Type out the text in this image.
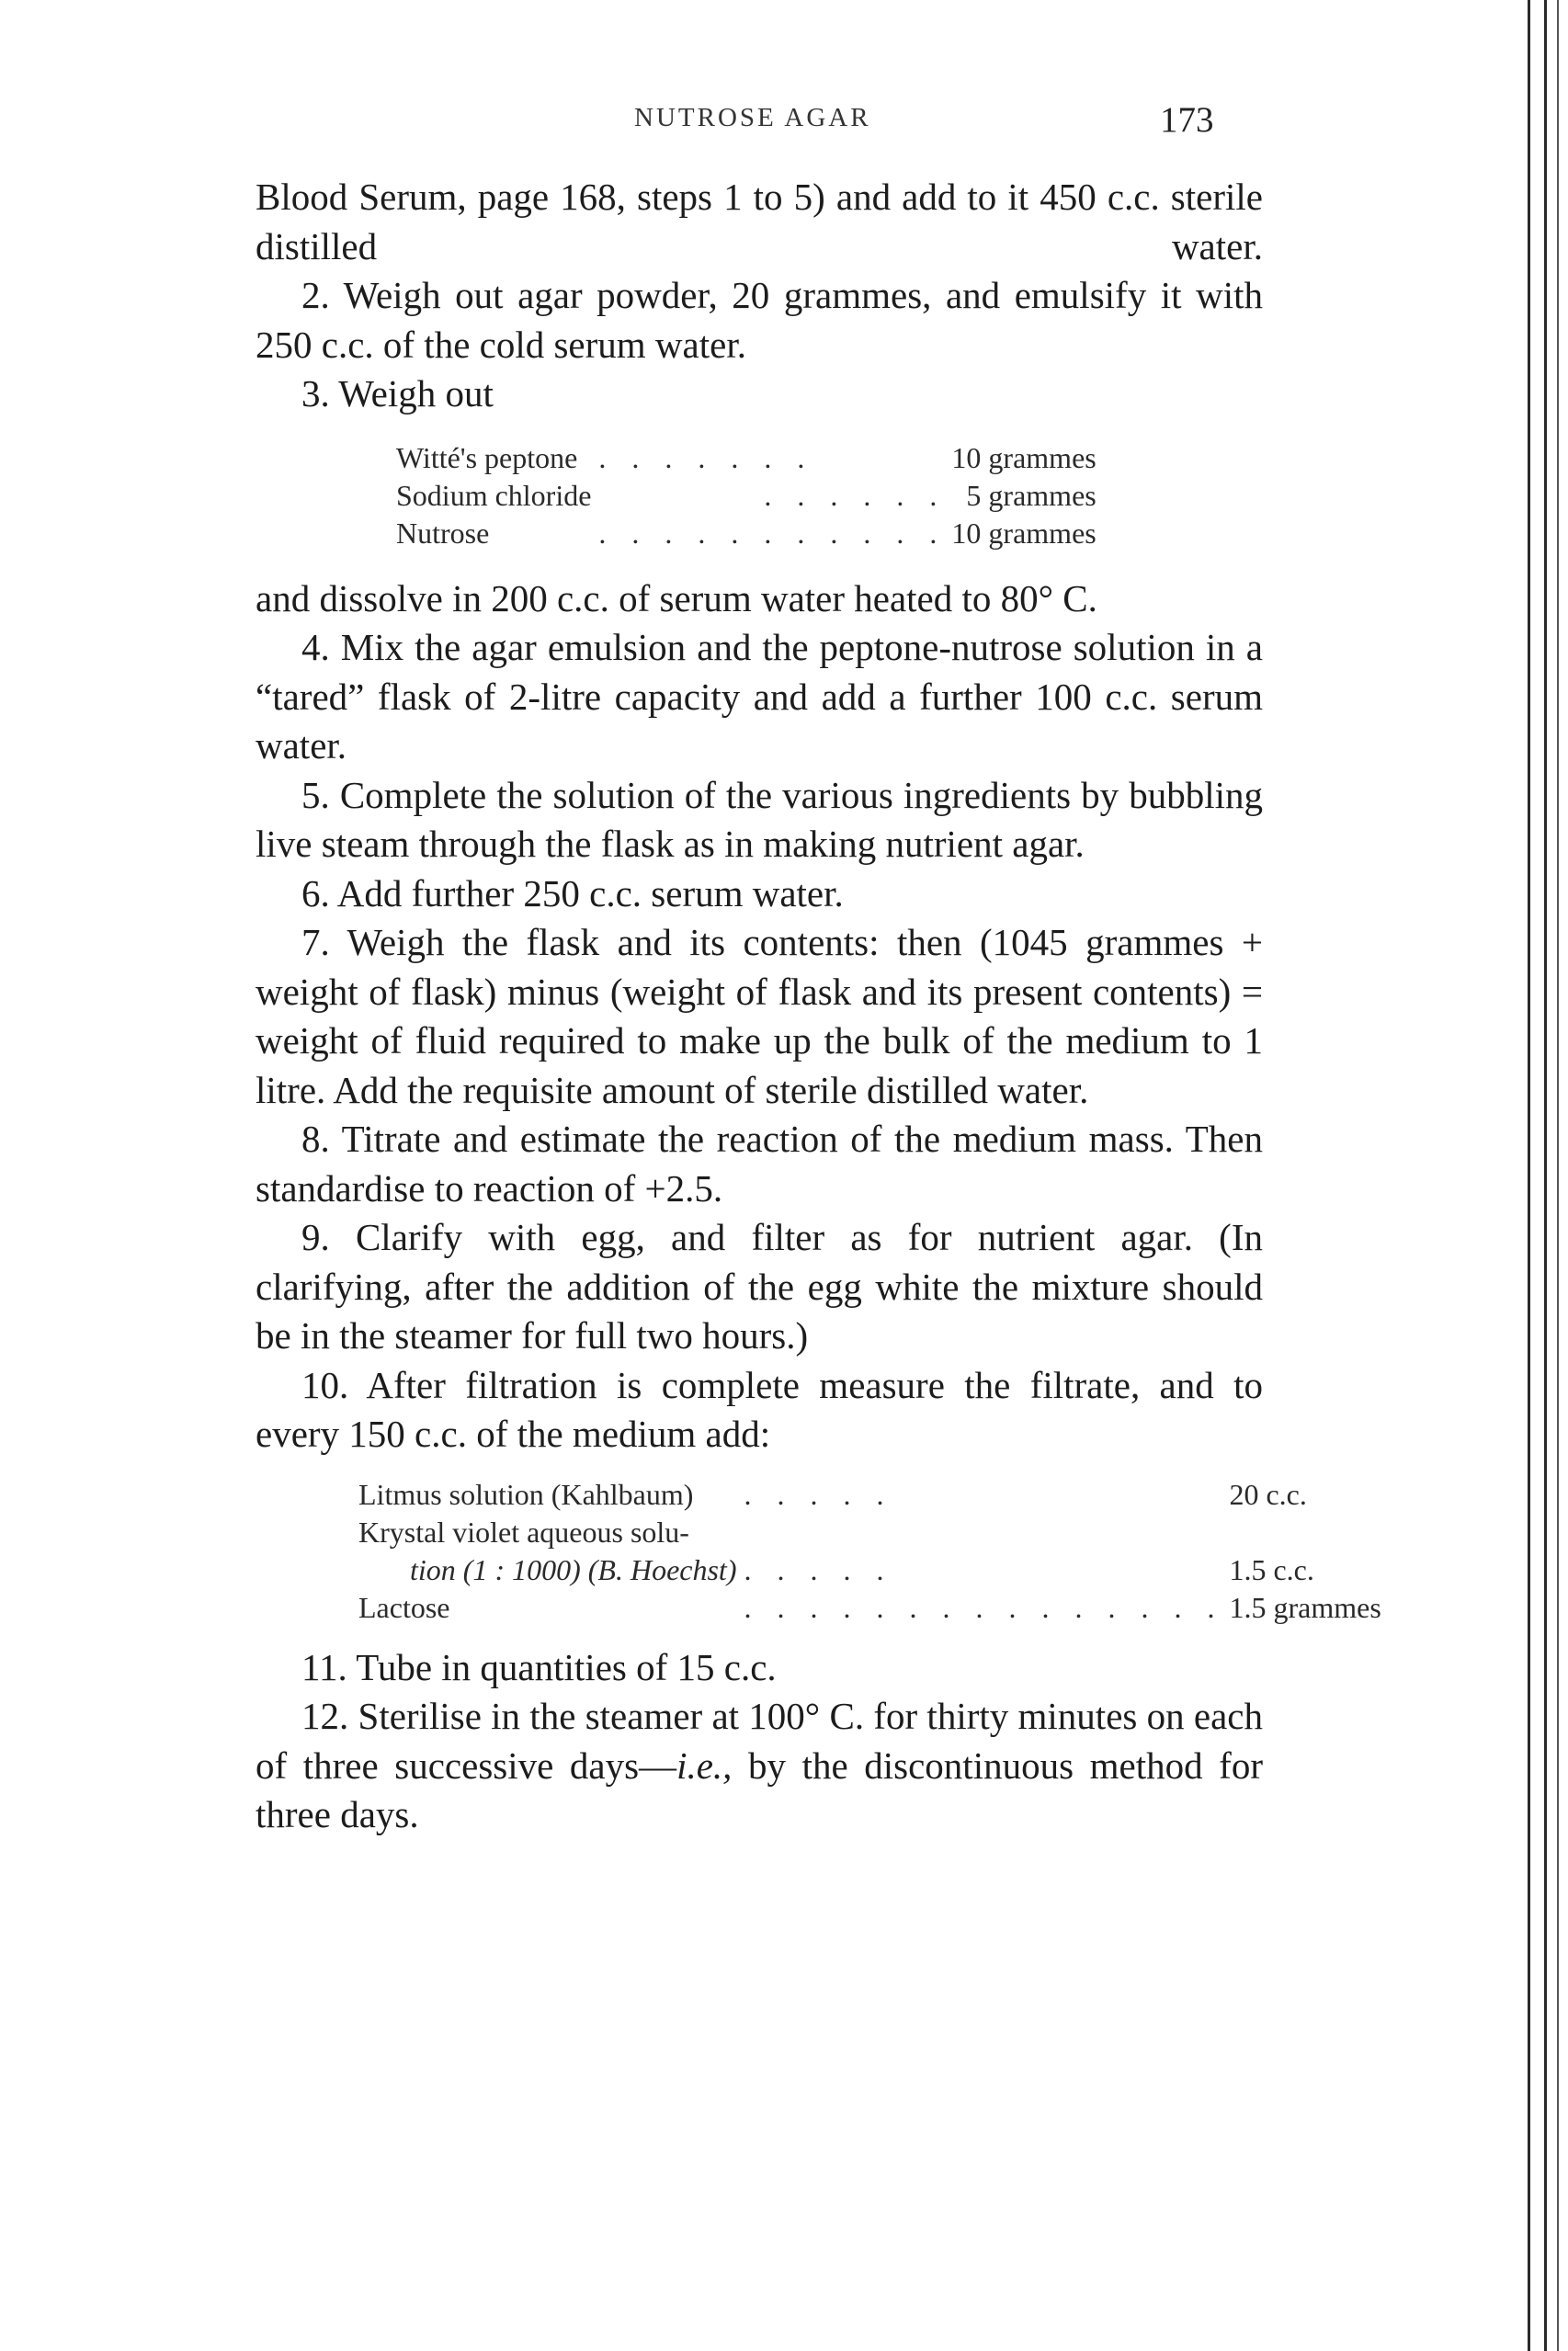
NUTROSE AGAR	173

Blood Serum, page 168, steps 1 to 5) and add to it 450 c.c. sterile distilled water.

2. Weigh out agar powder, 20 grammes, and emulsify it with 250 c.c. of the cold serum water.

3. Weigh out

Witté's peptone	. . . . . . .	10 grammes
Sodium chloride	. . . . . .	5 grammes
Nutrose	. . . . . . . . . . .	10 grammes

and dissolve in 200 c.c. of serum water heated to 80° C.

4. Mix the agar emulsion and the peptone-nutrose solution in a “tared” flask of 2-litre capacity and add a further 100 c.c. serum water.

5. Complete the solution of the various ingredients by bubbling live steam through the flask as in making nutrient agar.

6. Add further 250 c.c. serum water.

7. Weigh the flask and its contents: then (1045 grammes + weight of flask) minus (weight of flask and its present contents) = weight of fluid required to make up the bulk of the medium to 1 litre. Add the requisite amount of sterile distilled water.

8. Titrate and estimate the reaction of the medium mass. Then standardise to reaction of +2.5.

9. Clarify with egg, and filter as for nutrient agar. (In clarifying, after the addition of the egg white the mixture should be in the steamer for full two hours.)

10. After filtration is complete measure the filtrate, and to every 150 c.c. of the medium add:

Litmus solution (Kahlbaum)	. . . . .	20 c.c.
Krystal violet aqueous solu-		
tion (1 : 1000) (B. Hoechst)	. . . . .	1.5 c.c.
Lactose	. . . . . . . . . . . . . . .	1.5 grammes

11. Tube in quantities of 15 c.c.

12. Sterilise in the steamer at 100° C. for thirty minutes on each of three successive days—i.e., by the discontinuous method for three days.
